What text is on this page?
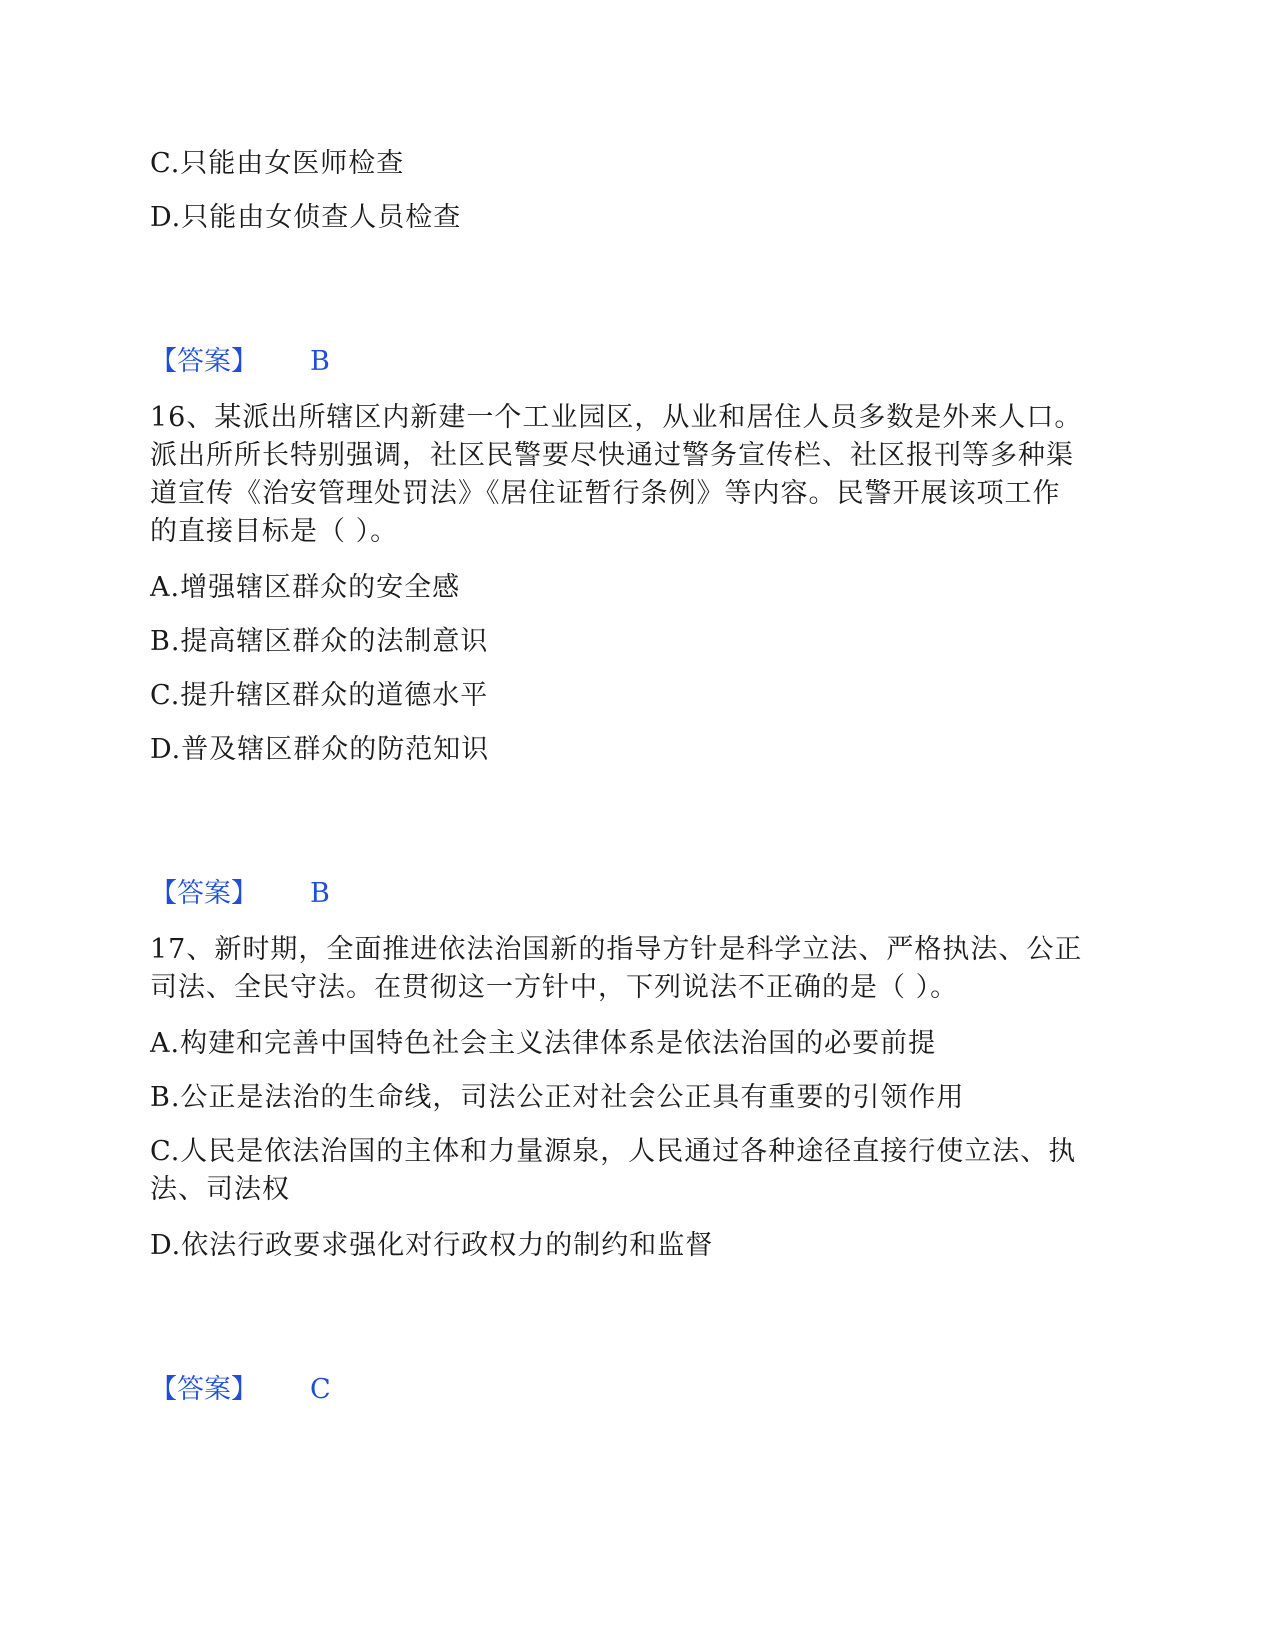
C.只能由女医师检查
D.只能由女侦查人员检查
【答案】 B
16、某派出所辖区内新建一个工业园区，从业和居住人员多数是外来人口。
派出所所长特别强调，社区民警要尽快通过警务宣传栏、社区报刊等多种渠
道宣传《治安管理处罚法》《居住证暂行条例》等内容。民警开展该项工作
的直接目标是（ ）。
A.增强辖区群众的安全感
B.提高辖区群众的法制意识
C.提升辖区群众的道德水平
D.普及辖区群众的防范知识
【答案】 B
17、新时期，全面推进依法治国新的指导方针是科学立法、严格执法、公正
司法、全民守法。在贯彻这一方针中，下列说法不正确的是（ ）。
A.构建和完善中国特色社会主义法律体系是依法治国的必要前提
B.公正是法治的生命线，司法公正对社会公正具有重要的引领作用
C.人民是依法治国的主体和力量源泉，人民通过各种途径直接行使立法、执
法、司法权
D.依法行政要求强化对行政权力的制约和监督
【答案】 C
